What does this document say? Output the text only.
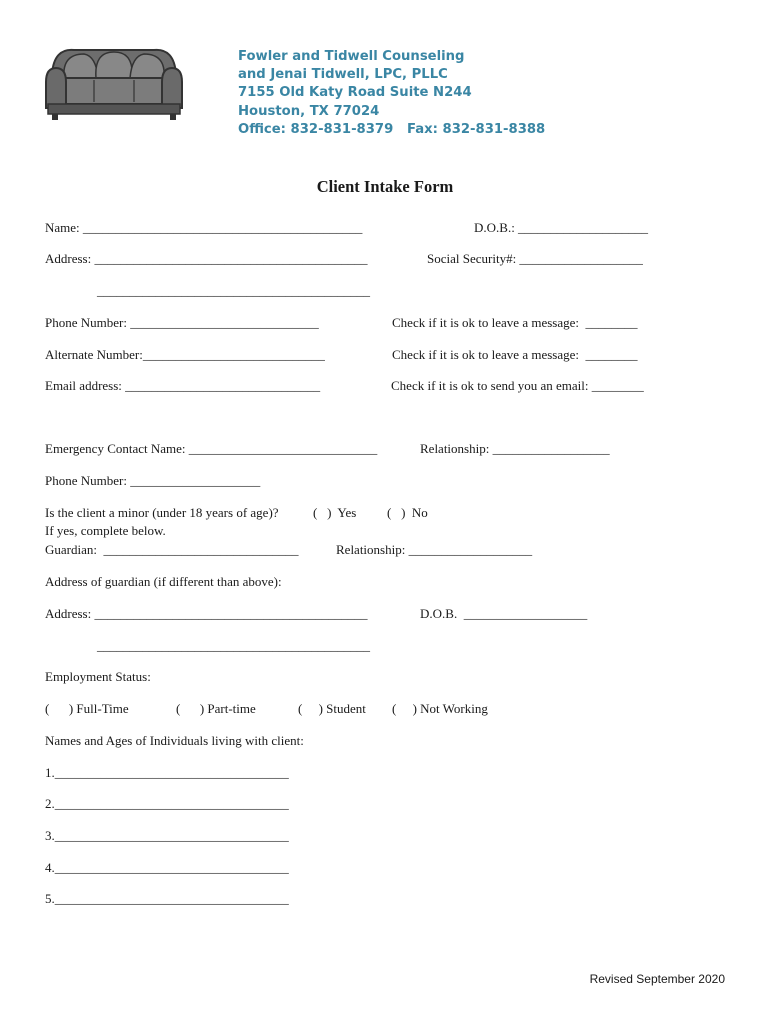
Fowler and Tidwell Counseling
and Jenai Tidwell, LPC, PLLC
7155 Old Katy Road Suite N244
Houston, TX 77024
Office: 832-831-8379   Fax: 832-831-8388
Client Intake Form
Name: ___________________________________________	D.O.B.: ____________________
Address: __________________________________________	Social Security#: ___________________
__________________________________________
Phone Number: _____________________________	Check if it is ok to leave a message:  ________
Alternate Number:____________________________	Check if it is ok to leave a message:  ________
Email address: ______________________________	Check if it is ok to send you an email: ________
Emergency Contact Name: _____________________________	Relationship: __________________
Phone Number: ____________________
Is the client a minor (under 18 years of age)?	(   )  Yes (   )  No
If yes, complete below.
Guardian:  ______________________________	Relationship: ___________________
Address of guardian (if different than above):
Address: __________________________________________	D.O.B.  ___________________
__________________________________________
Employment Status:
(      ) Full-Time	(      ) Part-time	(     ) Student (     ) Not Working
Names and Ages of Individuals living with client:
1.____________________________________
2.____________________________________
3.____________________________________
4.____________________________________
5.____________________________________
Revised September 2020
